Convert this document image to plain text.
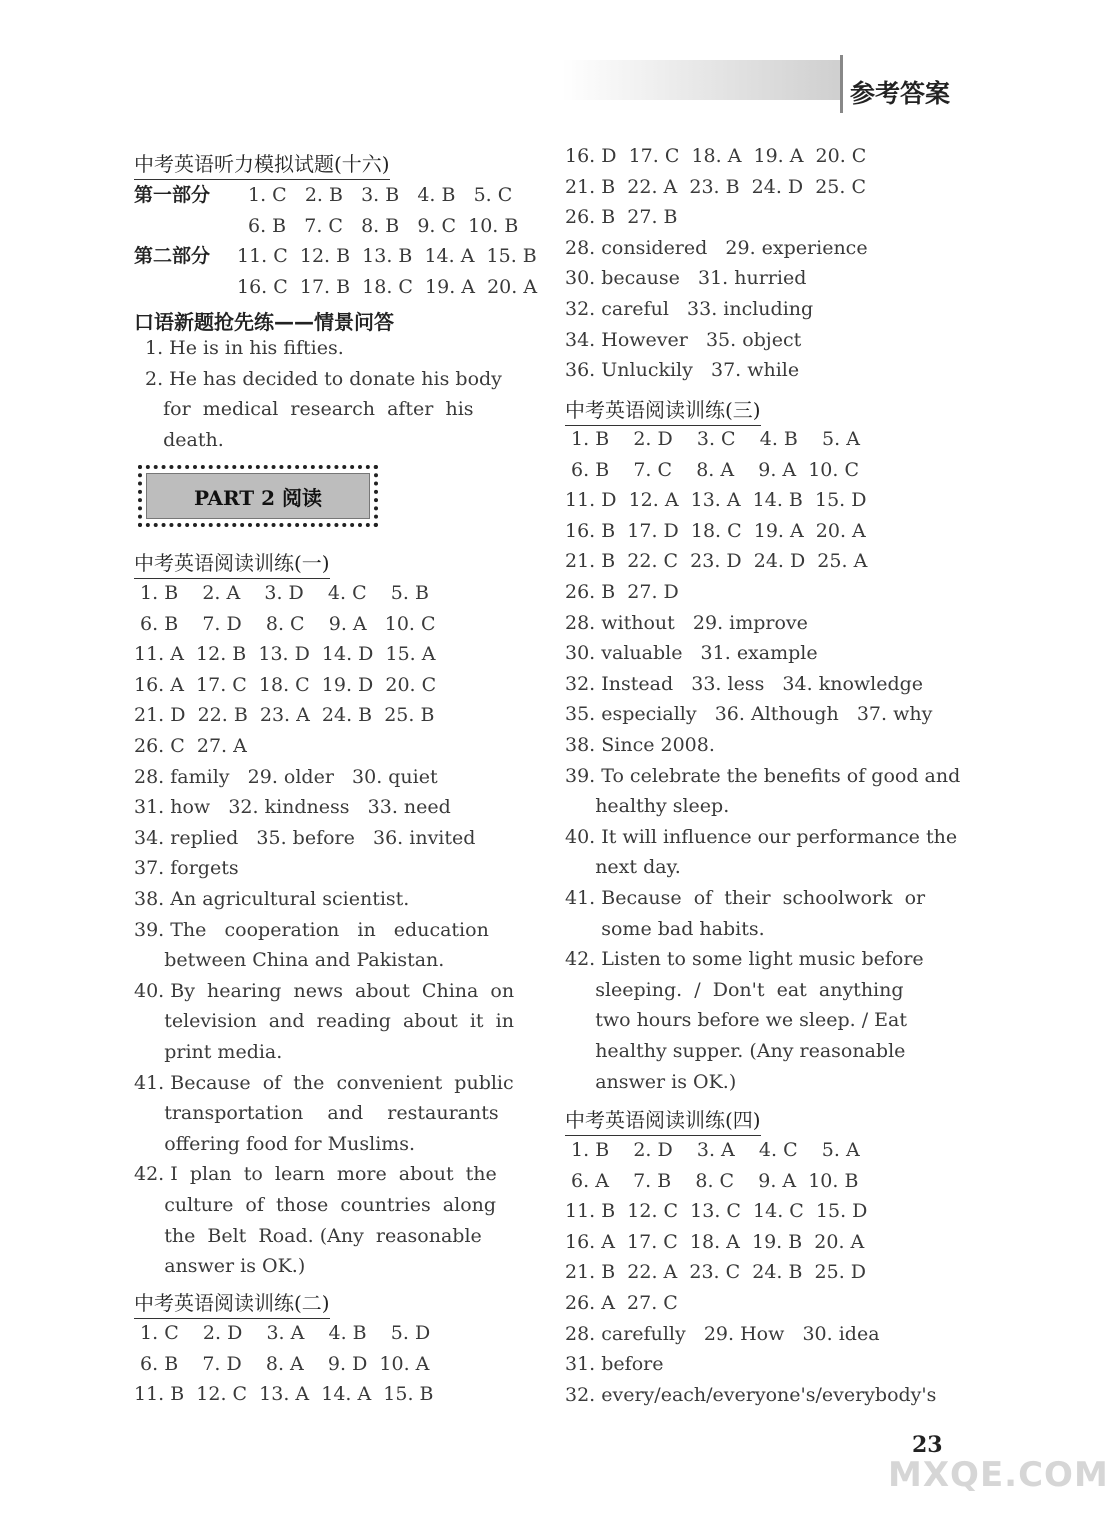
参考答案
中考英语听力模拟试题(十六)
第一部分 1. C   2. B   3. B   4. B   5. C
6. B   7. C   8. B   9. C  10. B
第二部分 11. C  12. B  13. B  14. A  15. B
16. C  17. B  18. C  19. A  20. A
口语新题抢先练——情景问答
1. He is in his fifties.
2. He has decided to donate his body
for  medical  research  after  his
death.
PART 2 阅读
中考英语阅读训练(一)
1. B    2. A    3. D    4. C    5. B
6. B    7. D    8. C    9. A   10. C
11. A  12. B  13. D  14. D  15. A
16. A  17. C  18. C  19. D  20. C
21. D  22. B  23. A  24. B  25. B
26. C  27. A
28. family   29. older   30. quiet
31. how   32. kindness   33. need
34. replied   35. before   36. invited
37. forgets
38. An agricultural scientist.
39. The   cooperation   in   education
between China and Pakistan.
40. By  hearing  news  about  China  on
television  and  reading  about  it  in
print media.
41. Because  of  the  convenient  public
transportation    and    restaurants
offering food for Muslims.
42. I  plan  to  learn  more  about  the
culture  of  those  countries  along
the  Belt  Road. (Any  reasonable
answer is OK.)
中考英语阅读训练(二)
1. C    2. D    3. A    4. B    5. D
6. B    7. D    8. A    9. D  10. A
11. B  12. C  13. A  14. A  15. B
16. D  17. C  18. A  19. A  20. C
21. B  22. A  23. B  24. D  25. C
26. B  27. B
28. considered   29. experience
30. because   31. hurried
32. careful   33. including
34. However   35. object
36. Unluckily   37. while
中考英语阅读训练(三)
1. B    2. D    3. C    4. B    5. A
6. B    7. C    8. A    9. A  10. C
11. D  12. A  13. A  14. B  15. D
16. B  17. D  18. C  19. A  20. A
21. B  22. C  23. D  24. D  25. A
26. B  27. D
28. without   29. improve
30. valuable   31. example
32. Instead   33. less   34. knowledge
35. especially   36. Although   37. why
38. Since 2008.
39. To celebrate the benefits of good and
healthy sleep.
40. It will influence our performance the
next day.
41. Because  of  their  schoolwork  or
some bad habits.
42. Listen to some light music before
sleeping.  /  Don't  eat  anything
two hours before we sleep. / Eat
healthy supper. (Any reasonable
answer is OK.)
中考英语阅读训练(四)
1. B    2. D    3. A    4. C    5. A
6. A    7. B    8. C    9. A  10. B
11. B  12. C  13. C  14. C  15. D
16. A  17. C  18. A  19. B  20. A
21. B  22. A  23. C  24. B  25. D
26. A  27. C
28. carefully   29. How   30. idea
31. before
32. every/each/everyone's/everybody's
23
MXQE.COM
